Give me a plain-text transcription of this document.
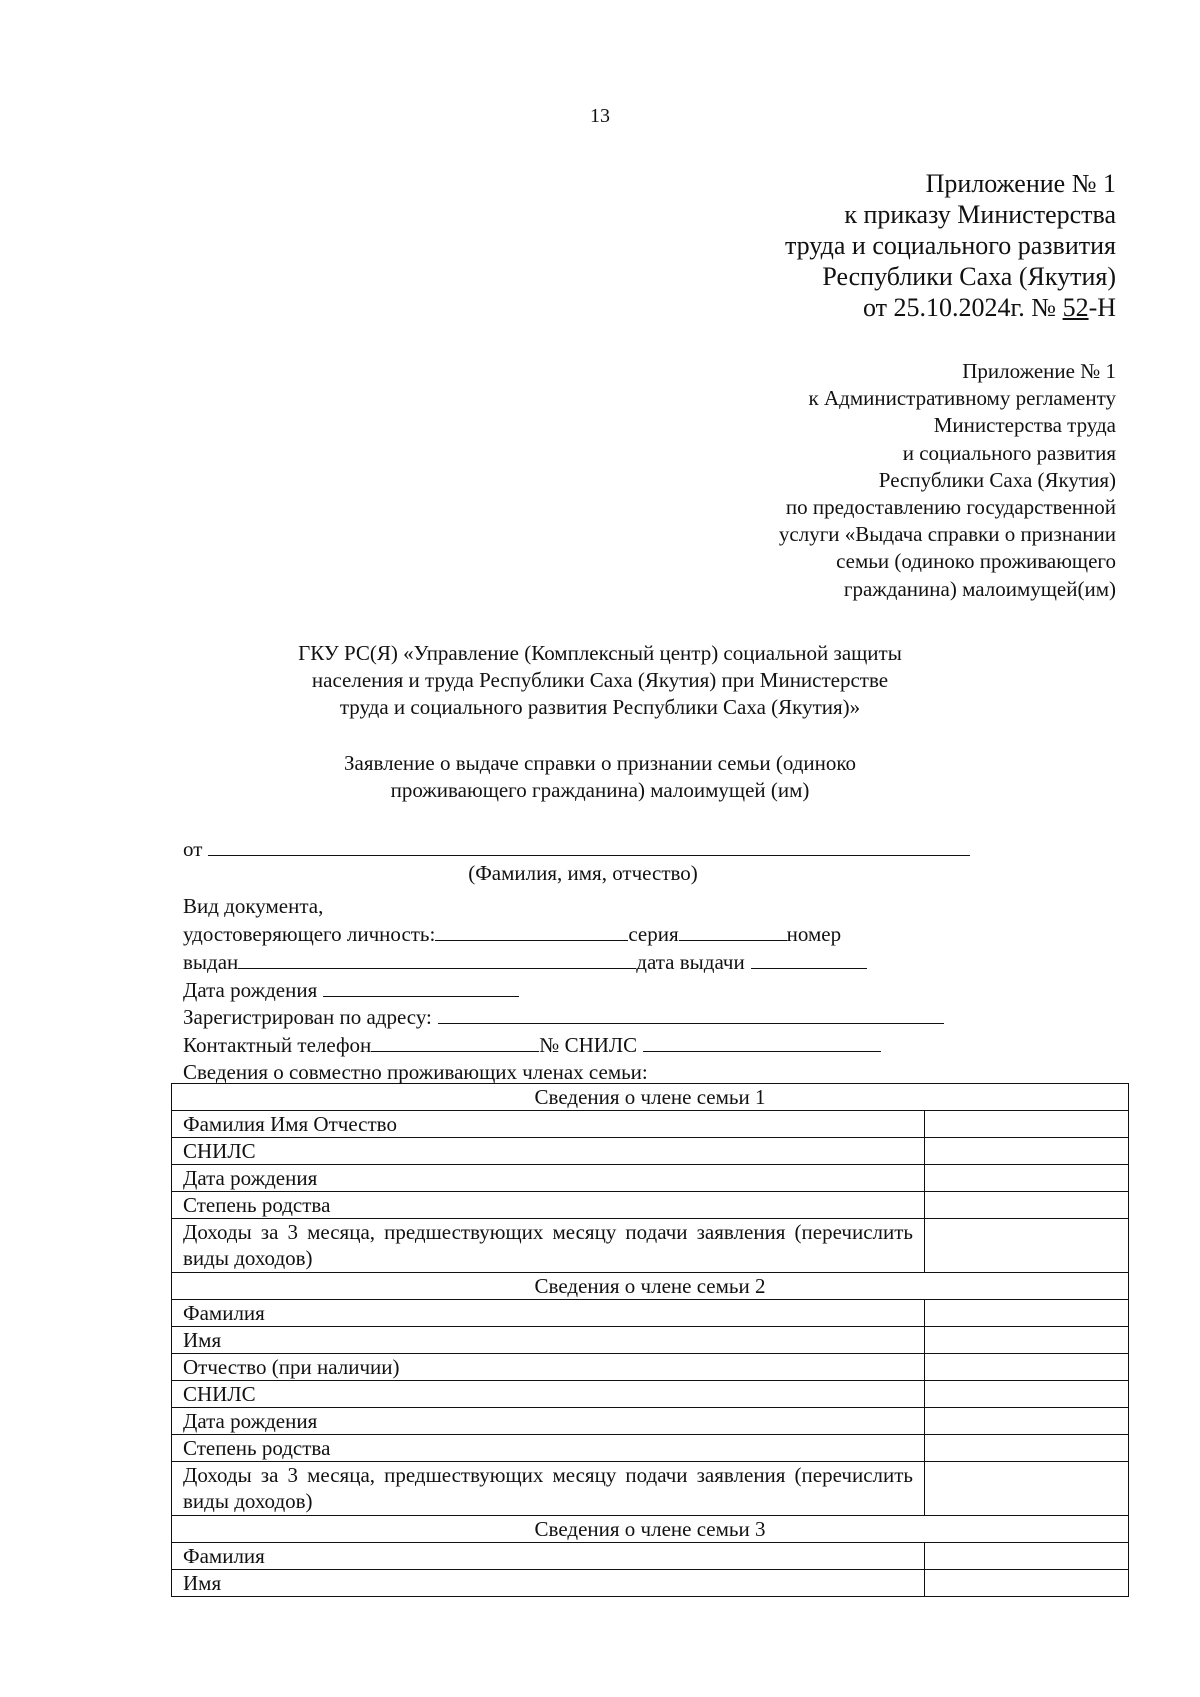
13
Приложение № 1
к приказу Министерства
труда и социального развития
Республики Саха (Якутия)
от 25.10.2024г. № 52-Н
Приложение № 1
к Административному регламенту
Министерства труда
и социального развития
Республики Саха (Якутия)
по предоставлению государственной
услуги «Выдача справки о признании
семьи (одиноко проживающего
гражданина) малоимущей(им)
ГКУ РС(Я) «Управление (Комплексный центр) социальной защиты
населения и труда Республики Саха (Якутия) при Министерстве
труда и социального развития Республики Саха (Якутия)»
Заявление о выдаче справки о признании семьи (одиноко
проживающего гражданина) малоимущей (им)
от
(Фамилия, имя, отчество)
Вид документа,
удостоверяющего личность:	серия	номер
выдан	дата выдачи
Дата рождения
Зарегистрирован по адресу:
Контактный телефон	№ СНИЛС
Сведения о совместно проживающих членах семьи:
Сведения о члене семьи 1	
Фамилия Имя Отчество	
СНИЛС	
Дата рождения	
Степень родства	
Доходы за 3 месяца, предшествующих месяцу подачи заявления (перечислить виды доходов)	
Сведения о члене семьи 2	
Фамилия	
Имя	
Отчество (при наличии)	
СНИЛС	
Дата рождения	
Степень родства	
Доходы за 3 месяца, предшествующих месяцу подачи заявления (перечислить виды доходов)	
Сведения о члене семьи 3	
Фамилия	
Имя	
